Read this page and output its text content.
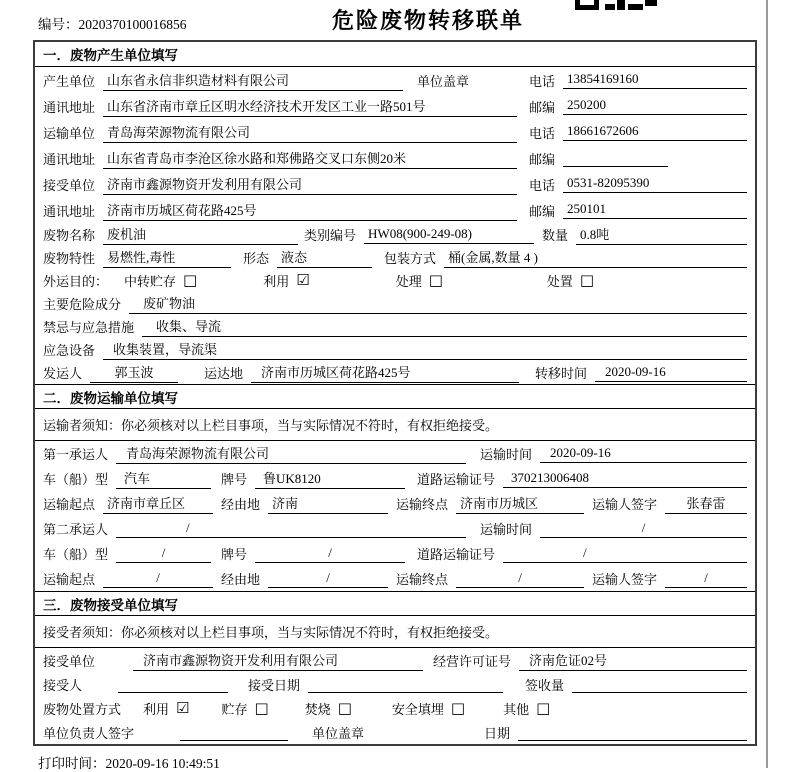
编号：2020370100016856	危险废物转移联单
一．废物产生单位填写
产生单位 山东省永信非织造材料有限公司	单位盖章	电话 13854169160
通讯地址 山东省济南市章丘区明水经济技术开发区工业一路501号	邮编 250200
运输单位 青岛海荣源物流有限公司	电话 18661672606
通讯地址 山东省青岛市李沧区徐水路和郑佛路交叉口东侧20米	邮编
接受单位 济南市鑫源物资开发利用有限公司	电话 0531-82095390
通讯地址 济南市历城区荷花路425号	邮编 250101
废物名称 废机油	类别编号 HW08(900-249-08)	数量 0.8吨
废物特性 易燃性,毒性	形态 液态	包装方式 桶(金属,数量 4 )
外运目的： 中转贮存 □	利用 ☑	处理 □	处置 □
主要危险成分	废矿物油
禁忌与应急措施	收集、导流
应急设备	收集装置，导流渠
发运人	郭玉波	运达地	济南市历城区荷花路425号	转移时间	2020-09-16
二．废物运输单位填写
运输者须知：你必须核对以上栏目事项，当与实际情况不符时，有权拒绝接受。
第一承运人	青岛海荣源物流有限公司	运输时间	2020-09-16
车（船）型	汽车	牌号	鲁UK8120	道路运输证号	370213006408
运输起点 济南市章丘区	经由地 济南	运输终点 济南市历城区	运输人签字	张春雷
第二承运人	/	运输时间	/
车（船）型	/	牌号	/	道路运输证号	/
运输起点	/	经由地	/	运输终点	/	运输人签字	/
三．废物接受单位填写
接受者须知：你必须核对以上栏目事项，当与实际情况不符时，有权拒绝接受。
接受单位	济南市鑫源物资开发利用有限公司	经营许可证号	济南危证02号
接受人	接受日期	签收量
废物处置方式 利用 ☑ 贮存 □	焚烧 □	安全填埋 □	其他 □
单位负责人签字	单位盖章	日期
打印时间：2020-09-16 10:49:51
